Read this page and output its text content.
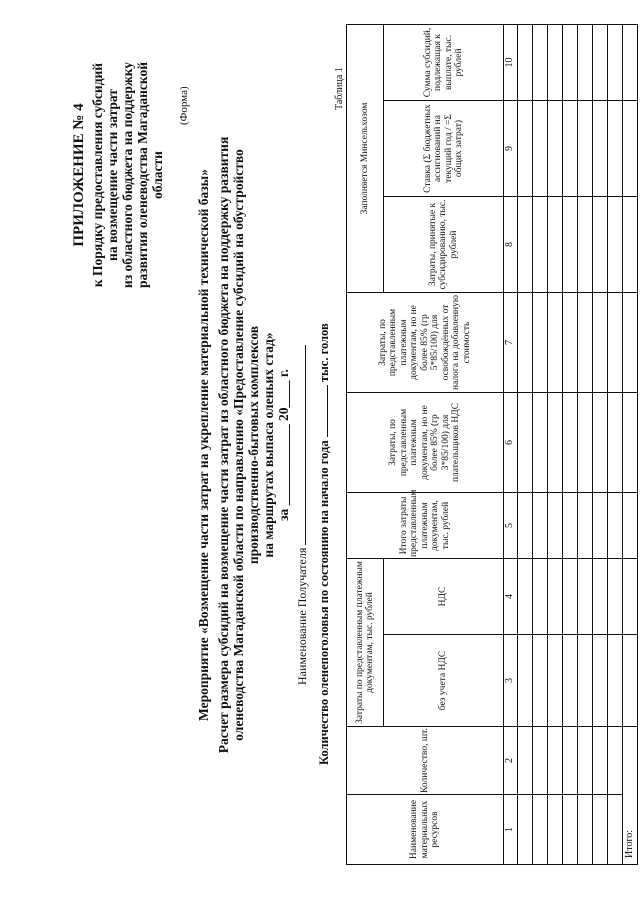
ПРИЛОЖЕНИЕ № 4 к Порядку предоставления субсидий на возмещение части затрат из областного бюджета на поддержку развития оленеводства Магаданской области
(Форма)
Мероприятие «Возмещение части затрат на укрепление материальной технической базы» Расчет размера субсидий на возмещение части затрат из областного бюджета на поддержку развития оленеводства Магаданской области по направлению «Предоставление субсидий на обустройство производственно-бытовых комплексов на маршрутах выпаса оленьих стад» за ____________ 20____ г.
Наименование Получателя Количество оленепоголовья по состоянию на начало года  тыс. голов
Таблица 1
Наименование материальных ресурсов	Количество, шт.	Затраты по представленным платежным документам, тыс. рублей		Итого затраты представленным платежным документам, тыс. рублей	Затраты, по представленным платежным документам, но не более 85% (гр 3*85/100) для плательщиков НДС	Затраты, по представленным платежным документам, но не более 85% (гр 5*85/100) для освобождённых от налога на добавленную стоимость	Заполняется Минсельхозом		
		без учета НДС	НДС				Затраты, принятые к субсидированию, тыс. рублей	Ставка (Σ бюджетных ассигнований на текущий год / =Σ общих затрат)	Сумма субсидий, подлежащая к выплате, тыс. рублей
1	2	3	4	5	6	7	8	9	10

Итого:									
